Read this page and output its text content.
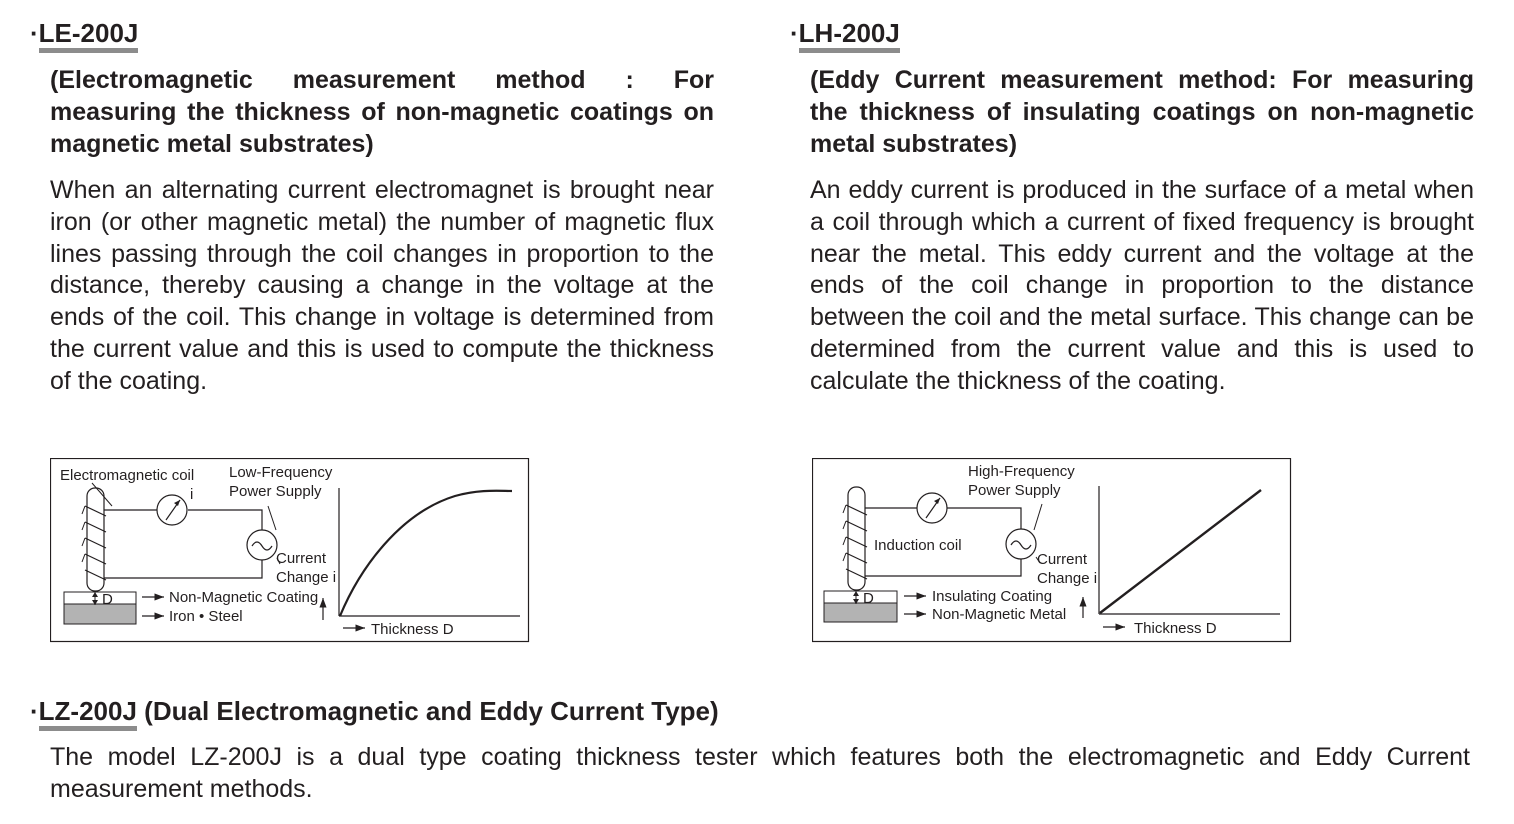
·LE-200J
(Electromagnetic measurement method : For measuring the thickness of non-magnetic coatings on magnetic metal substrates)
When an alternating current electromagnet is brought near iron (or other magnetic metal) the number of magnetic flux lines passing through the coil changes in proportion to the distance, thereby causing a change in the voltage at the ends of the coil. This change in voltage is determined from the current value and this is used to compute the thickness of the coating.
Electromagnetic coil
i
Low-Frequency
Power Supply
Current
Change i
D	Non-Magnetic Coating
Iron • Steel
Thickness D
·LH-200J
(Eddy Current measurement method: For measuring the thickness of insulating coatings on non-magnetic metal substrates)
An eddy current is produced in the surface of a metal when a coil through which a current of fixed frequency is brought near the metal. This eddy current and the voltage at the ends of the coil change in proportion to the distance between the coil and the metal surface. This change can be determined from the current value and this is used to calculate the thickness of the coating.
Induction coil
High-Frequency
Power Supply
Current
Change i
D	Insulating Coating
Non-Magnetic Metal
Thickness D
·LZ-200J (Dual Electromagnetic and Eddy Current Type)
The model LZ-200J is a dual type coating thickness tester which features both the electromagnetic and Eddy Current measurement methods.
